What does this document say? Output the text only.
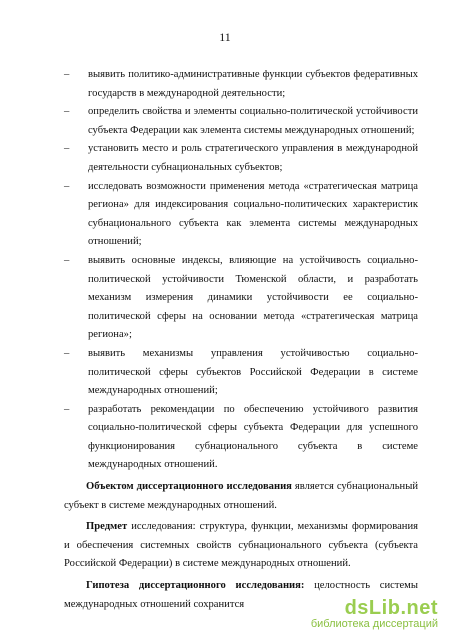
11
–	выявить политико-административные функции субъектов федеративных государств в международной деятельности;
–	определить свойства и элементы социально-политической устойчивости субъекта Федерации как элемента системы международных отношений;
–	установить место и роль стратегического управления в международной деятельности субнациональных субъектов;
–	исследовать возможности применения метода «стратегическая матрица региона» для индексирования социально-политических характеристик субнационального субъекта как элемента системы международных отношений;
–	выявить основные индексы, влияющие на устойчивость социально-политической устойчивости Тюменской области, и разработать механизм измерения динамики устойчивости ее социально-политической сферы на основании метода «стратегическая матрица региона»;
–	выявить механизмы управления устойчивостью социально-политической сферы субъектов Российской Федерации в системе международных отношений;
–	разработать рекомендации по обеспечению устойчивого развития социально-политической сферы субъекта Федерации для успешного функционирования субнационального субъекта в системе международных отношений.

Объектом диссертационного исследования является субнациональный субъект в системе международных отношений.

Предмет исследования: структура, функции, механизмы формирования и обеспечения системных свойств субнационального субъекта (субъекта Российской Федерации) в системе международных отношений.

Гипотеза диссертационного исследования: целостность системы международных отношений сохранится	dsLib.net
библиотека диссертаций
